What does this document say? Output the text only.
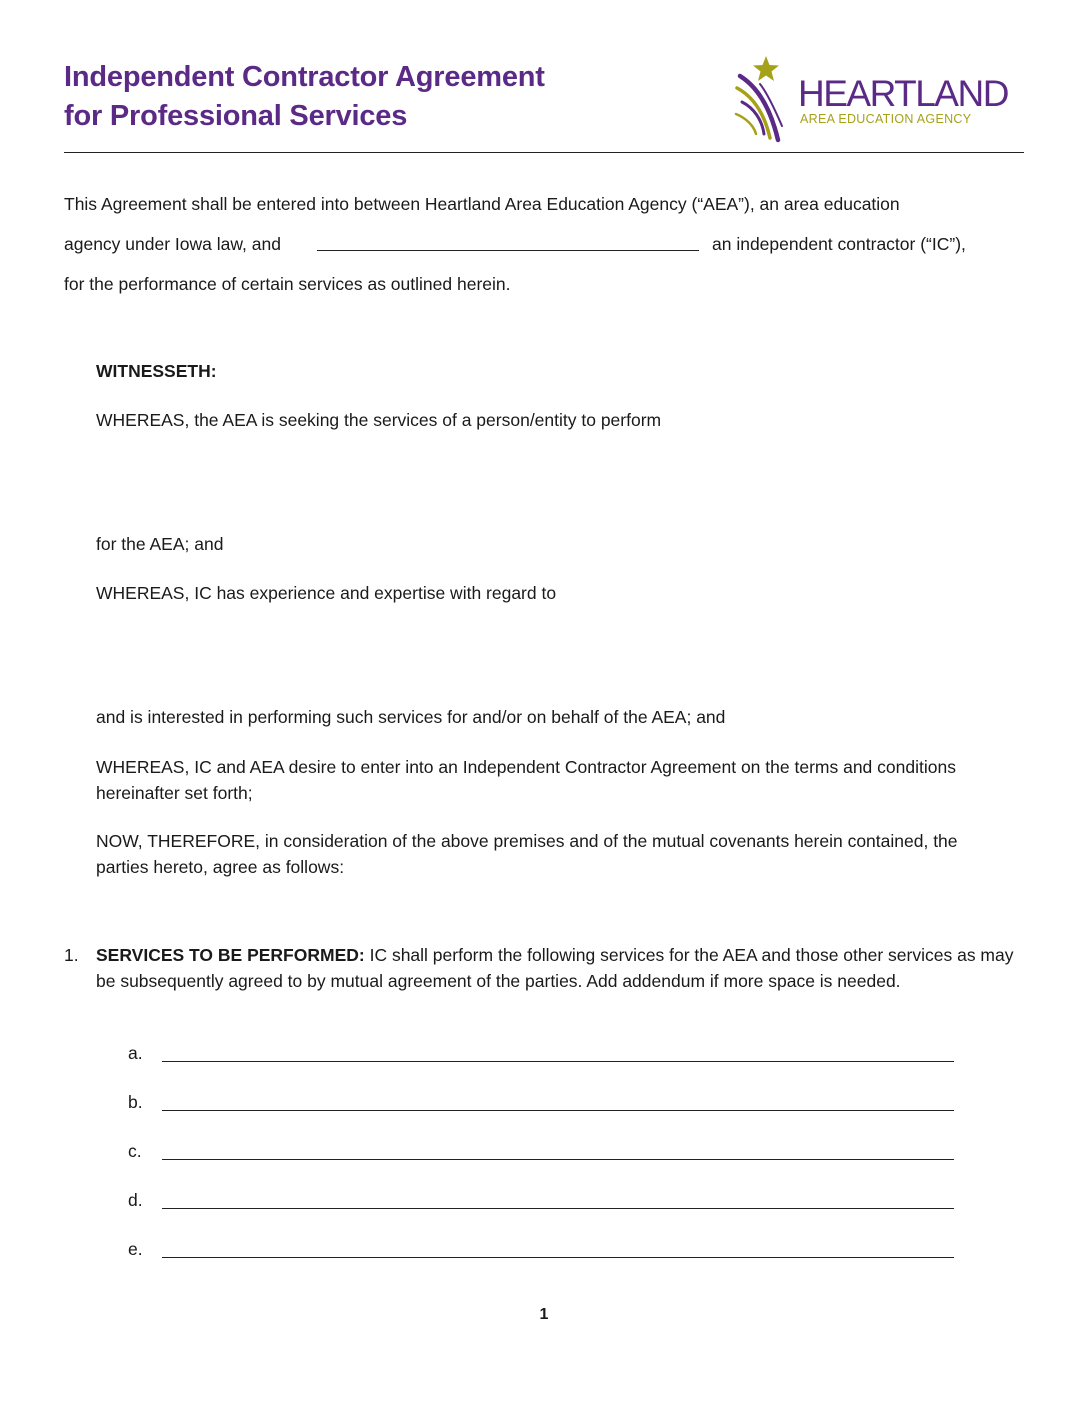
Independent Contractor Agreement
for Professional Services
HEARTLAND
AREA EDUCATION AGENCY

This Agreement shall be entered into between Heartland Area Education Agency (“AEA”), an area education

agency under Iowa law, and	an independent contractor (“IC”),

for the performance of certain services as outlined herein.

WITNESSETH:

WHEREAS, the AEA is seeking the services of a person/entity to perform

for the AEA; and

WHEREAS, IC has experience and expertise with regard to

and is interested in performing such services for and/or on behalf of the AEA; and

WHEREAS, IC and AEA desire to enter into an Independent Contractor Agreement on the terms and conditions hereinafter set forth;

NOW, THEREFORE, in consideration of the above premises and of the mutual covenants herein contained, the parties hereto, agree as follows:

1. SERVICES TO BE PERFORMED: IC shall perform the following services for the AEA and those other services as may be subsequently agreed to by mutual agreement of the parties. Add addendum if more space is needed.

a.
b.
c.
d.
e.
1
